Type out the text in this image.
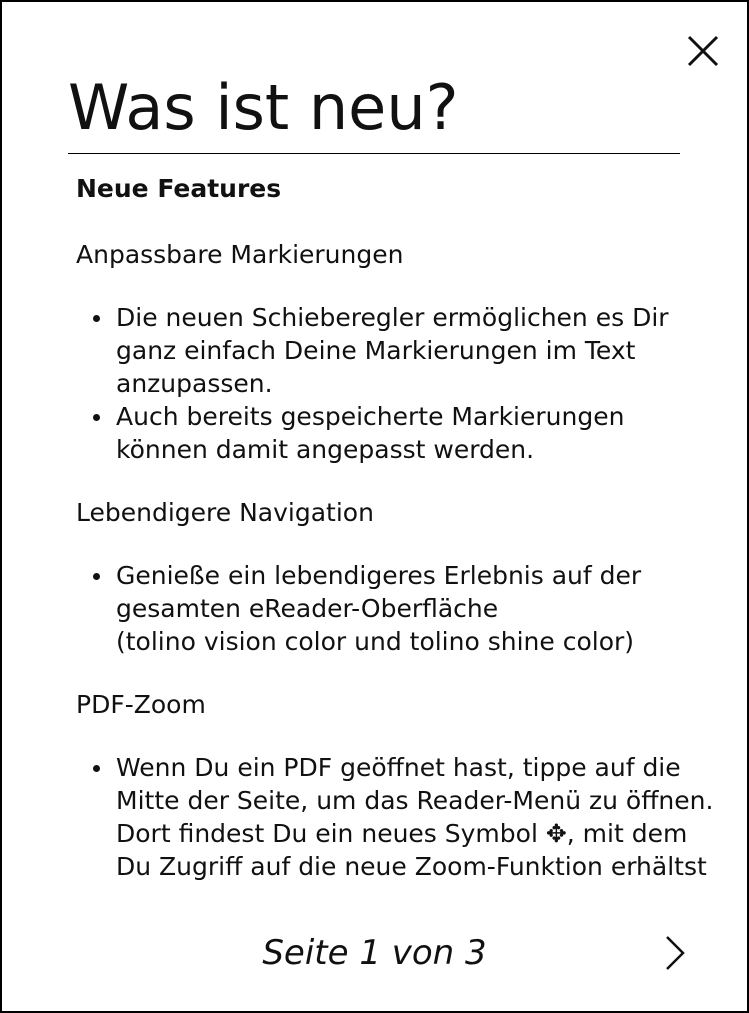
Was ist neu?

Neue Features

Anpassbare Markierungen

Die neuen Schieberegler ermöglichen es Dir
ganz einfach Deine Markierungen im Text
anzupassen.
Auch bereits gespeicherte Markierungen
können damit angepasst werden.

Lebendigere Navigation

Genieße ein lebendigeres Erlebnis auf der
gesamten eReader-Oberfläche
(tolino vision color und tolino shine color)

PDF-Zoom

Wenn Du ein PDF geöffnet hast, tippe auf die
Mitte der Seite, um das Reader-Menü zu öffnen.
Dort findest Du ein neues Symbol ✥, mit dem
Du Zugriff auf die neue Zoom-Funktion erhältst
Seite 1 von 3
